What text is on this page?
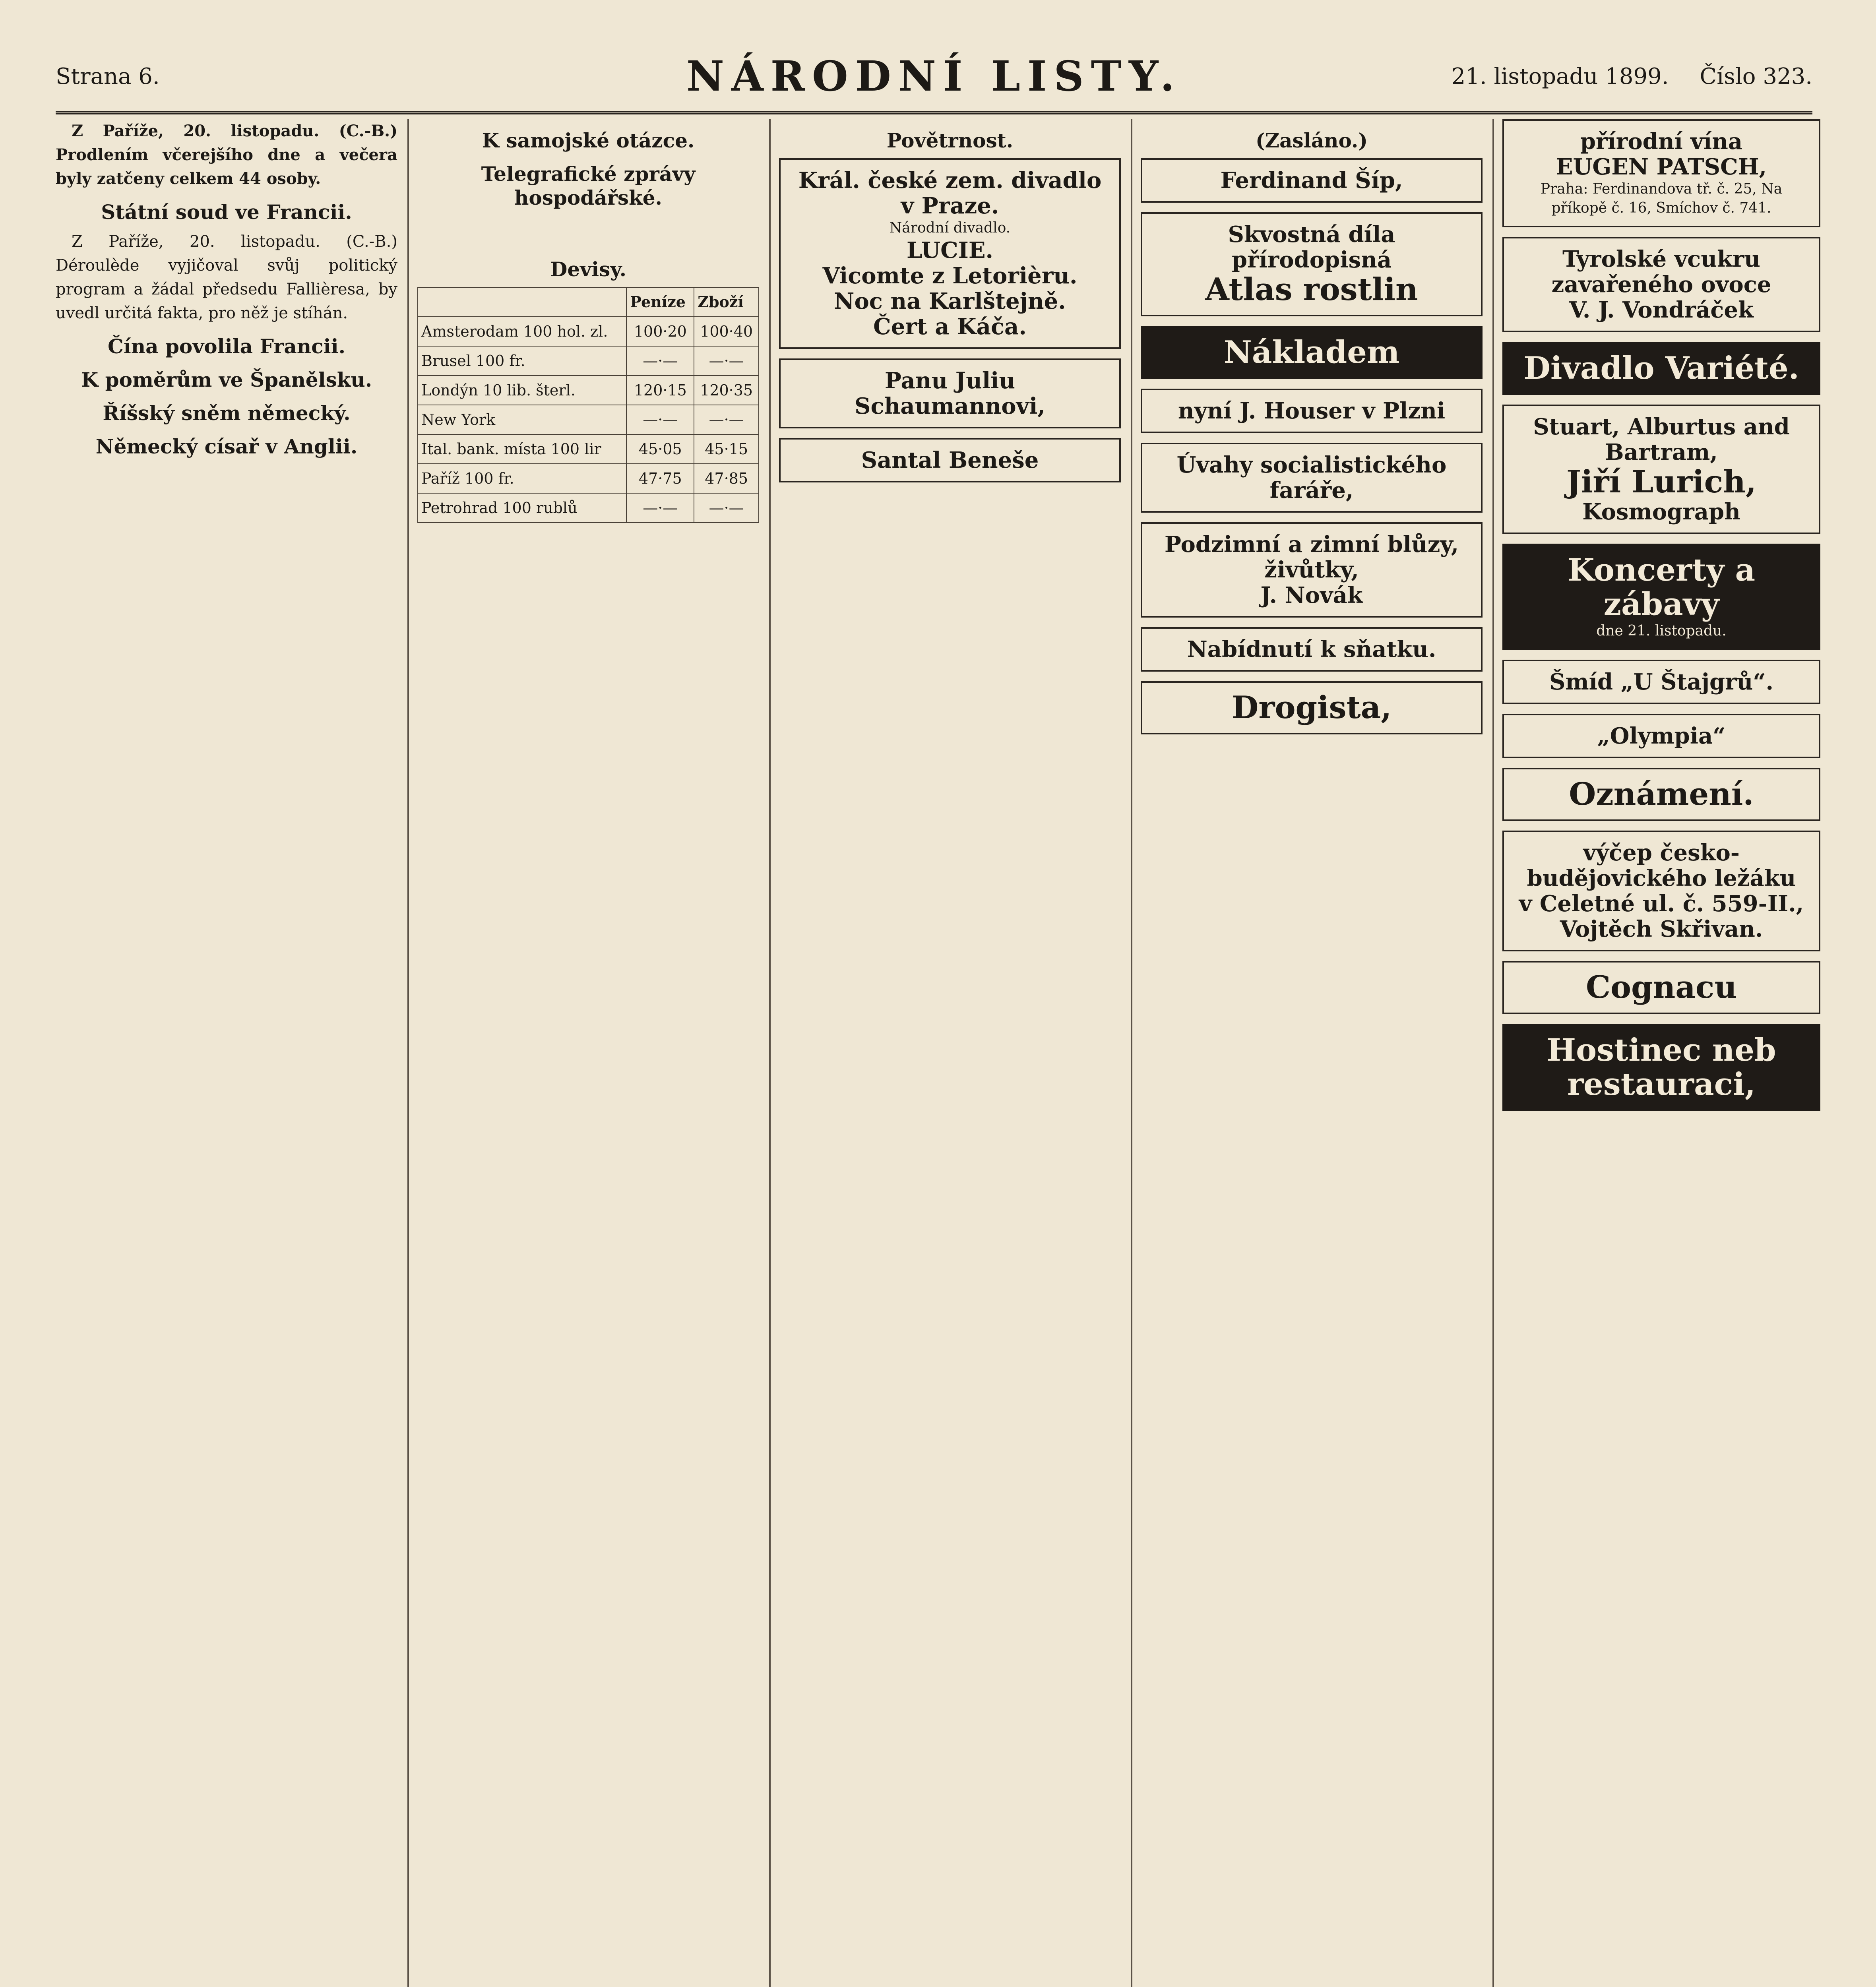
Strana 6.	NÁRODNÍ LISTY.	21. listopadu 1899. Číslo 323.

Z Paříže, 20. listopadu. (C.-B.) Prodlením včerejšího dne a večera byly zatčeny celkem 44 osoby.

Státní soud ve Francii.

Z Paříže, 20. listopadu. (C.-B.) Déroulède vyjičoval svůj politický program a žádal předsedu Fallièresa, by uvedl určitá fakta, pro něž je stíhán.

Čína povolila Francii.
K poměrům ve Španělsku.
Říšský sněm německý.
Německý císař v Anglii.
K samojské otázce.
Telegrafické zprávy hospodářské.
Devisy.
	Peníze	Zboží
Amsterodam 100 hol. zl.	100·20	100·40
Brusel 100 fr.	—·—	—·—
Londýn 10 lib. šterl.	120·15	120·35
New York	—·—	—·—
Ital. bank. místa 100 lir	45·05	45·15
Paříž 100 fr.	47·75	47·85
Petrohrad 100 rublů	—·—	—·—
Povětrnost.
Král. české zem. divadlo v Praze.
Národní divadlo.
LUCIE.
Vicomte z Letorièru.
Noc na Karlštejně.
Čert a Káča.
Panu Juliu Schaumannovi,
Santal Beneše
(Zasláno.)
Ferdinand Šíp,
Skvostná díla přírodopisná
Atlas rostlin
Nákladem
nyní J. Houser v Plzni
Úvahy socialistického faráře,
Podzimní a zimní blůzy, živůtky,
J. Novák
Nabídnutí k sňatku.
Drogista,
přírodní vína
EUGEN PATSCH,
Praha: Ferdinandova tř. č. 25, Na příkopě č. 16, Smíchov č. 741.
Tyrolské vcukru zavařeného ovoce
V. J. Vondráček
Divadlo Variété.
Stuart, Alburtus and Bartram,
Jiří Lurich,
Kosmograph
Koncerty a zábavy
dne 21. listopadu.
Šmíd „U Štajgrů“.
„Olympia“
Oznámení.
výčep česko-budějovického ležáku
v Celetné ul. č. 559-II.,
Vojtěch Skřivan.
Cognacu
Hostinec neb restauraci,
